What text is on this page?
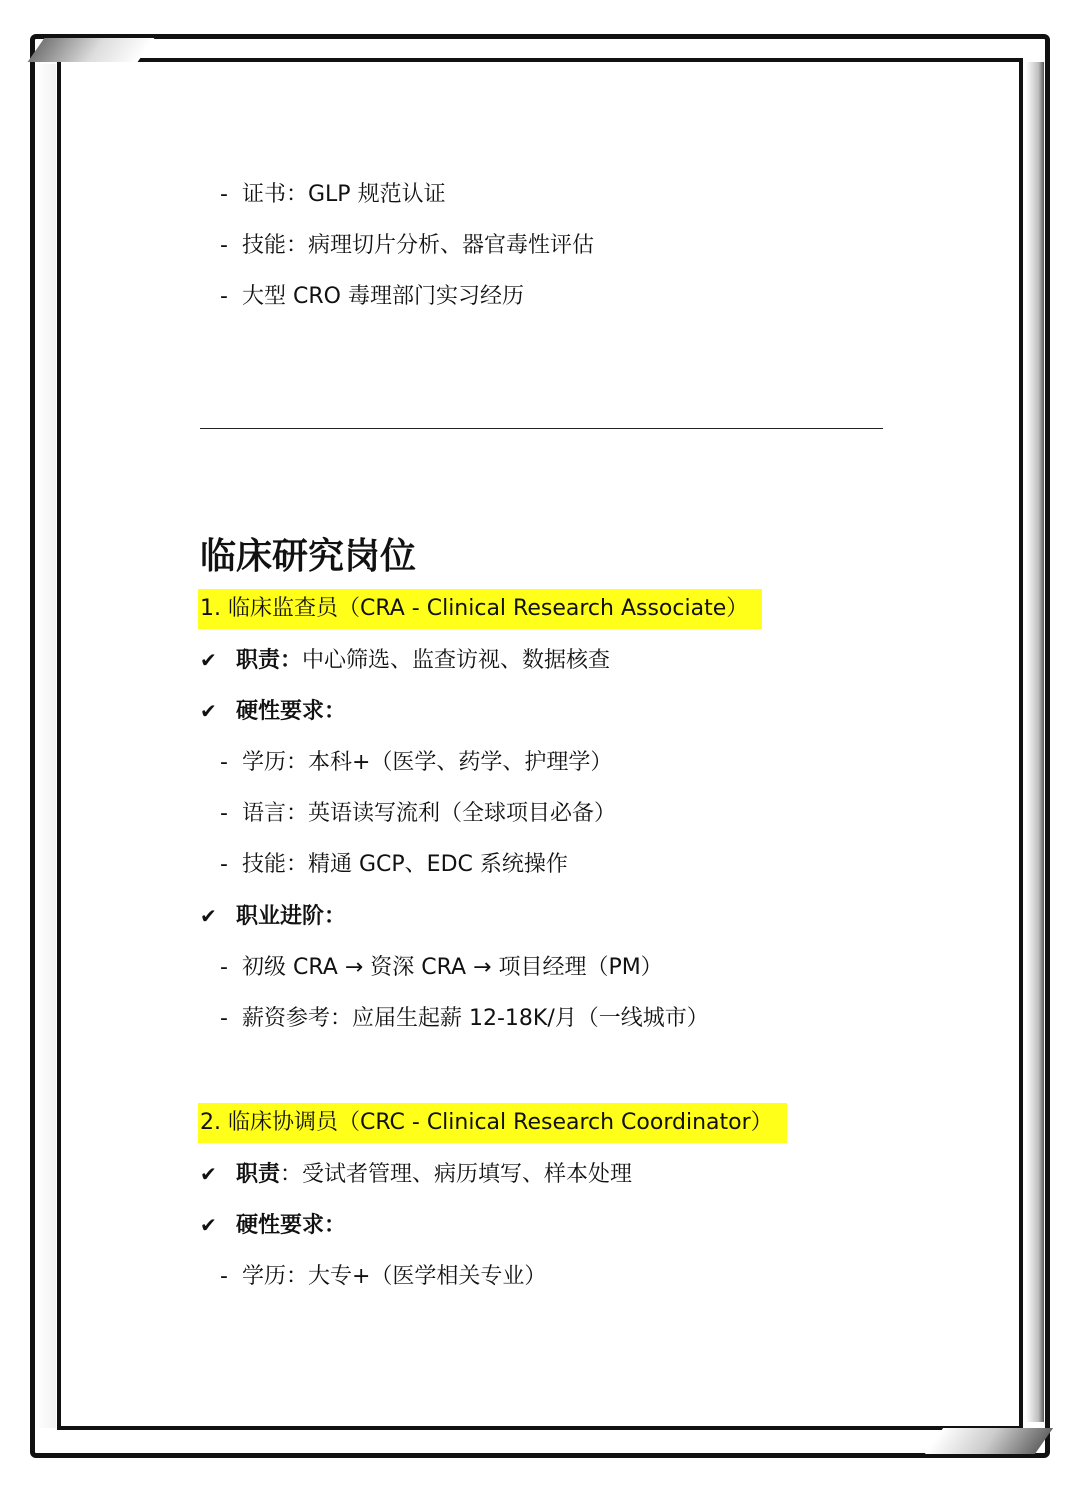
- 证书：GLP 规范认证
- 技能：病理切片分析、器官毒性评估
- 大型 CRO 毒理部门实习经历
临床研究岗位
1. 临床监查员（CRA - Clinical Research Associate）
✔ 职责：中心筛选、监查访视、数据核查
✔ 硬性要求：
- 学历：本科+（医学、药学、护理学）
- 语言：英语读写流利（全球项目必备）
- 技能：精通 GCP、EDC 系统操作
✔ 职业进阶：
- 初级 CRA → 资深 CRA → 项目经理（PM）
- 薪资参考：应届生起薪 12-18K/月（一线城市）
2. 临床协调员（CRC - Clinical Research Coordinator）
✔ 职责：受试者管理、病历填写、样本处理
✔ 硬性要求：
- 学历：大专+（医学相关专业）
